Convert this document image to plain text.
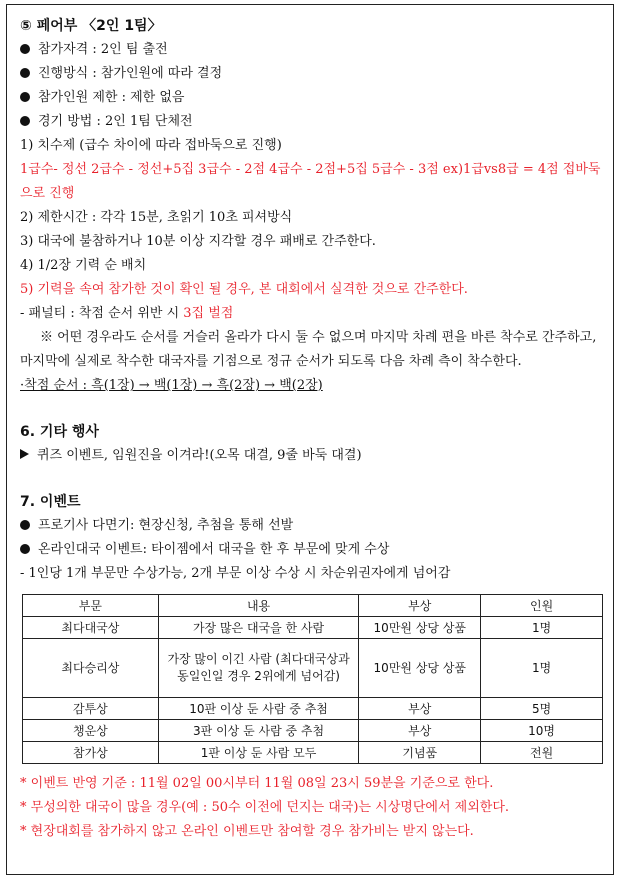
⑤ 페어부 〈2인 1팀〉
참가자격 : 2인 팀 출전
진행방식 : 참가인원에 따라 결정
참가인원 제한 : 제한 없음
경기 방법 : 2인 1팀 단체전
1) 치수제 (급수 차이에 따라 접바둑으로 진행)
1급수- 정선 2급수 - 정선+5집 3급수 - 2점 4급수 - 2점+5집 5급수 - 3점 ex)1급vs8급 = 4점 접바둑으로 진행
2) 제한시간 : 각각 15분, 초읽기 10초 피셔방식
3) 대국에 불참하거나 10분 이상 지각할 경우 패배로 간주한다.
4) 1/2장 기력 순 배치
5) 기력을 속여 참가한 것이 확인 될 경우, 본 대회에서 실격한 것으로 간주한다.
- 패널티 : 착점 순서 위반 시 3집 벌점
※ 어떤 경우라도 순서를 거슬러 올라가 다시 둘 수 없으며 마지막 차례 편을 바른 착수로 간주하고, 마지막에 실제로 착수한 대국자를 기점으로 정규 순서가 되도록 다음 차례 측이 착수한다.
·착점 순서 : 흑(1장) → 백(1장) → 흑(2장) → 백(2장)
6. 기타 행사
퀴즈 이벤트, 임원진을 이겨라!(오목 대결, 9줄 바둑 대결)
7. 이벤트
프로기사 다면기: 현장신청, 추첨을 통해 선발
온라인대국 이벤트: 타이젬에서 대국을 한 후 부문에 맞게 수상
- 1인당 1개 부문만 수상가능, 2개 부문 이상 수상 시 차순위권자에게 넘어감
부문	내용	부상	인원
최다대국상	가장 많은 대국을 한 사람	10만원 상당 상품	1명
최다승리상	가장 많이 이긴 사람 (최다대국상과 동일인일 경우 2위에게 넘어감)	10만원 상당 상품	1명
감투상	10판 이상 둔 사람 중 추첨	부상	5명
챙운상	3판 이상 둔 사람 중 추첨	부상	10명
참가상	1판 이상 둔 사람 모두	기념품	전원
* 이벤트 반영 기준 : 11월 02일 00시부터 11월 08일 23시 59분을 기준으로 한다.
* 무성의한 대국이 많을 경우(예 : 50수 이전에 던지는 대국)는 시상명단에서 제외한다.
* 현장대회를 참가하지 않고 온라인 이벤트만 참여할 경우 참가비는 받지 않는다.
